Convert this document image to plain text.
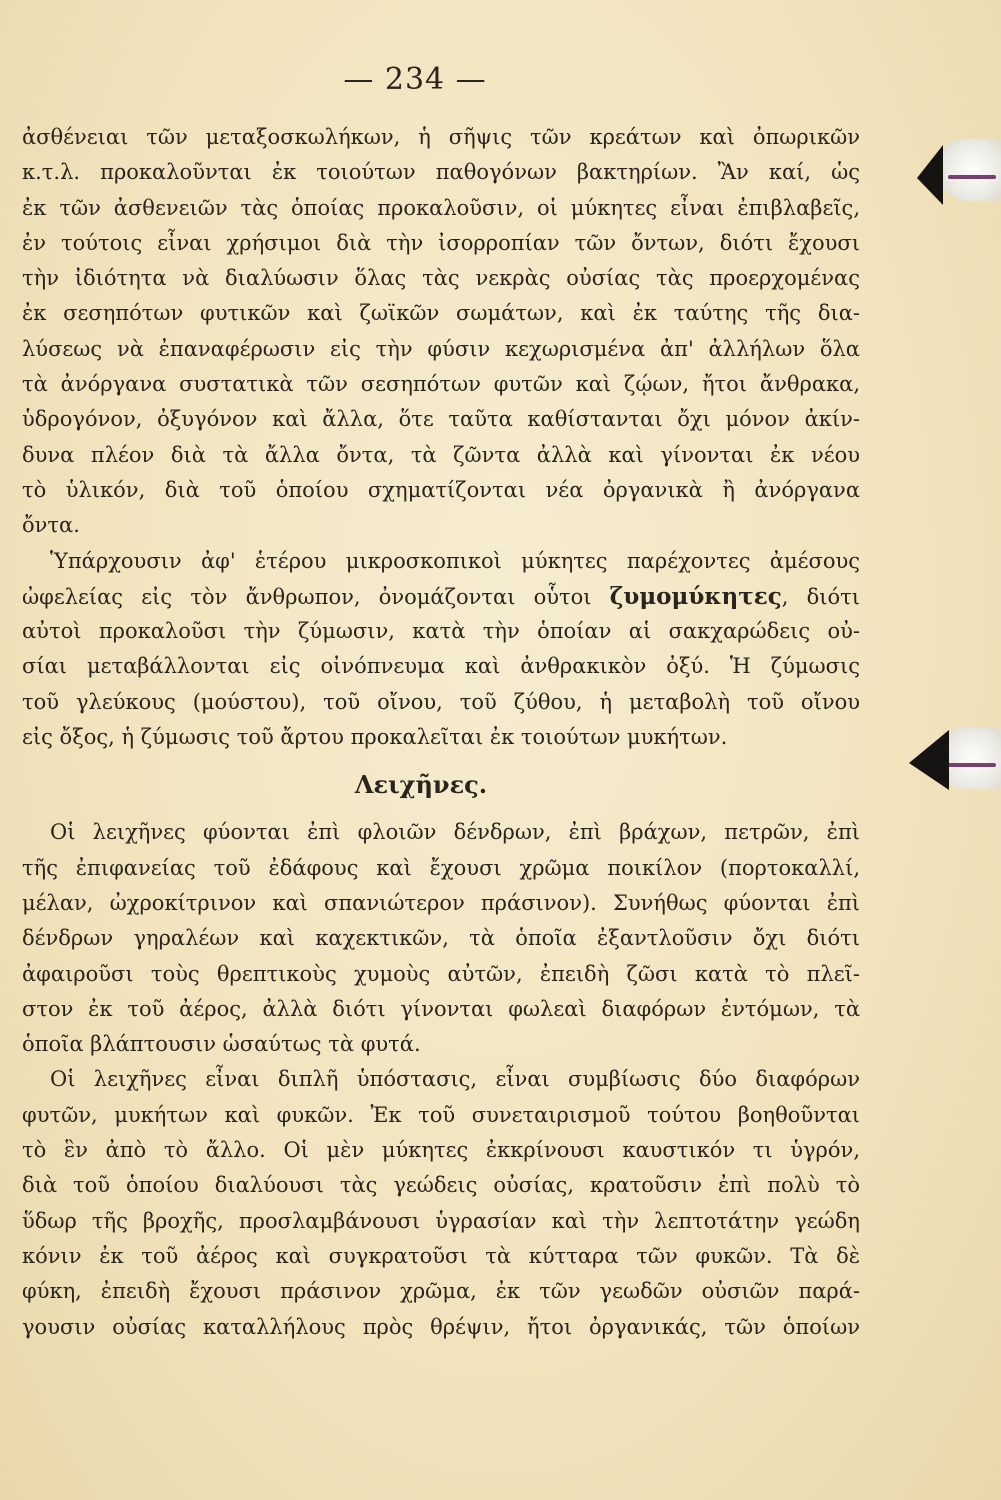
— 234 —
ἀσθένειαι τῶν μεταξοσκωλήκων, ἡ σῆψις τῶν κρεάτων καὶ ὀπωρικῶν
κ.τ.λ. προκαλοῦνται ἐκ τοιούτων παθογόνων βακτηρίων. Ἂν καί, ὡς
ἐκ τῶν ἀσθενειῶν τὰς ὁποίας προκαλοῦσιν, οἱ μύκητες εἶναι ἐπιβλαβεῖς,
ἐν τούτοις εἶναι χρήσιμοι διὰ τὴν ἰσορροπίαν τῶν ὄντων, διότι ἔχουσι
τὴν ἰδιότητα νὰ διαλύωσιν ὅλας τὰς νεκρὰς οὐσίας τὰς προερχομένας
ἐκ σεσηπότων φυτικῶν καὶ ζωϊκῶν σωμάτων, καὶ ἐκ ταύτης τῆς δια-
λύσεως νὰ ἐπαναφέρωσιν εἰς τὴν φύσιν κεχωρισμένα ἀπ' ἀλλήλων ὅλα
τὰ ἀνόργανα συστατικὰ τῶν σεσηπότων φυτῶν καὶ ζῴων, ἤτοι ἄνθρακα,
ὑδρογόνον, ὀξυγόνον καὶ ἄλλα, ὅτε ταῦτα καθίστανται ὄχι μόνον ἀκίν-
δυνα πλέον διὰ τὰ ἄλλα ὄντα, τὰ ζῶντα ἀλλὰ καὶ γίνονται ἐκ νέου
τὸ ὑλικόν, διὰ τοῦ ὁποίου σχηματίζονται νέα ὀργανικὰ ἢ ἀνόργανα
ὄντα.
Ὑπάρχουσιν ἀφ' ἑτέρου μικροσκοπικοὶ μύκητες παρέχοντες ἀμέσους
ὠφελείας εἰς τὸν ἄνθρωπον, ὀνομάζονται οὗτοι ζυμομύκητες, διότι
αὐτοὶ προκαλοῦσι τὴν ζύμωσιν, κατὰ τὴν ὁποίαν αἱ σακχαρώδεις οὐ-
σίαι μεταβάλλονται εἰς οἰνόπνευμα καὶ ἀνθρακικὸν ὀξύ. Ἡ ζύμωσις
τοῦ γλεύκους (μούστου), τοῦ οἴνου, τοῦ ζύθου, ἡ μεταβολὴ τοῦ οἴνου
εἰς ὄξος, ἡ ζύμωσις τοῦ ἄρτου προκαλεῖται ἐκ τοιούτων μυκήτων.
Λειχῆνες.
Οἱ λειχῆνες φύονται ἐπὶ φλοιῶν δένδρων, ἐπὶ βράχων, πετρῶν, ἐπὶ
τῆς ἐπιφανείας τοῦ ἐδάφους καὶ ἔχουσι χρῶμα ποικίλον (πορτοκαλλί,
μέλαν, ὠχροκίτρινον καὶ σπανιώτερον πράσινον). Συνήθως φύονται ἐπὶ
δένδρων γηραλέων καὶ καχεκτικῶν, τὰ ὁποῖα ἐξαντλοῦσιν ὄχι διότι
ἀφαιροῦσι τοὺς θρεπτικοὺς χυμοὺς αὐτῶν, ἐπειδὴ ζῶσι κατὰ τὸ πλεῖ-
στον ἐκ τοῦ ἀέρος, ἀλλὰ διότι γίνονται φωλεαὶ διαφόρων ἐντόμων, τὰ
ὁποῖα βλάπτουσιν ὡσαύτως τὰ φυτά.
Οἱ λειχῆνες εἶναι διπλῆ ὑπόστασις, εἶναι συμβίωσις δύο διαφόρων
φυτῶν, μυκήτων καὶ φυκῶν. Ἐκ τοῦ συνεταιρισμοῦ τούτου βοηθοῦνται
τὸ ἓν ἀπὸ τὸ ἄλλο. Οἱ μὲν μύκητες ἐκκρίνουσι καυστικόν τι ὑγρόν,
διὰ τοῦ ὁποίου διαλύουσι τὰς γεώδεις οὐσίας, κρατοῦσιν ἐπὶ πολὺ τὸ
ὕδωρ τῆς βροχῆς, προσλαμβάνουσι ὑγρασίαν καὶ τὴν λεπτοτάτην γεώδη
κόνιν ἐκ τοῦ ἀέρος καὶ συγκρατοῦσι τὰ κύτταρα τῶν φυκῶν. Τὰ δὲ
φύκη, ἐπειδὴ ἔχουσι πράσινον χρῶμα, ἐκ τῶν γεωδῶν οὐσιῶν παρά-
γουσιν οὐσίας καταλλήλους πρὸς θρέψιν, ἤτοι ὀργανικάς, τῶν ὁποίων
